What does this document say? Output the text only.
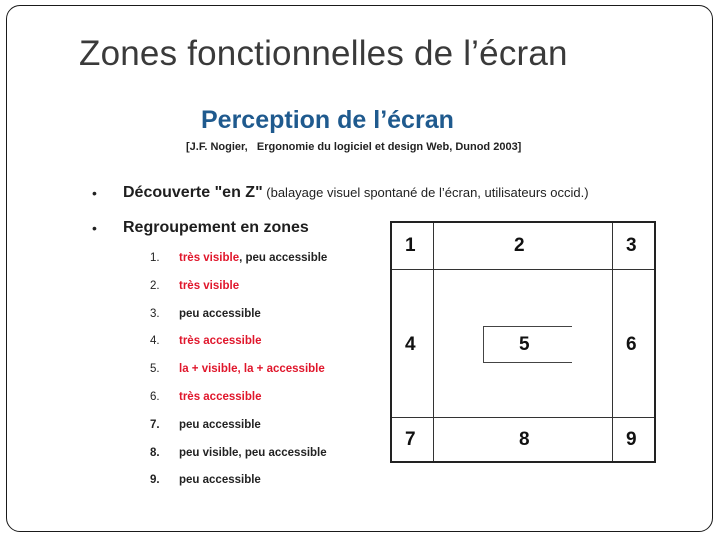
Zones fonctionnelles de l’écran
Perception de l’écran
[J.F. Nogier,   Ergonomie du logiciel et design Web, Dunod 2003]
• Découverte "en Z" (balayage visuel spontané de l’écran, utilisateurs occid.)
• Regroupement en zones
1.	très visible, peu accessible
2.	très visible
3.	peu accessible
4.	très accessible
5.	la + visible, la + accessible
6.	très accessible
7.	peu accessible
8.	peu visible, peu accessible
9.	peu accessible
1	2	3
4	5	6
7	8	9
